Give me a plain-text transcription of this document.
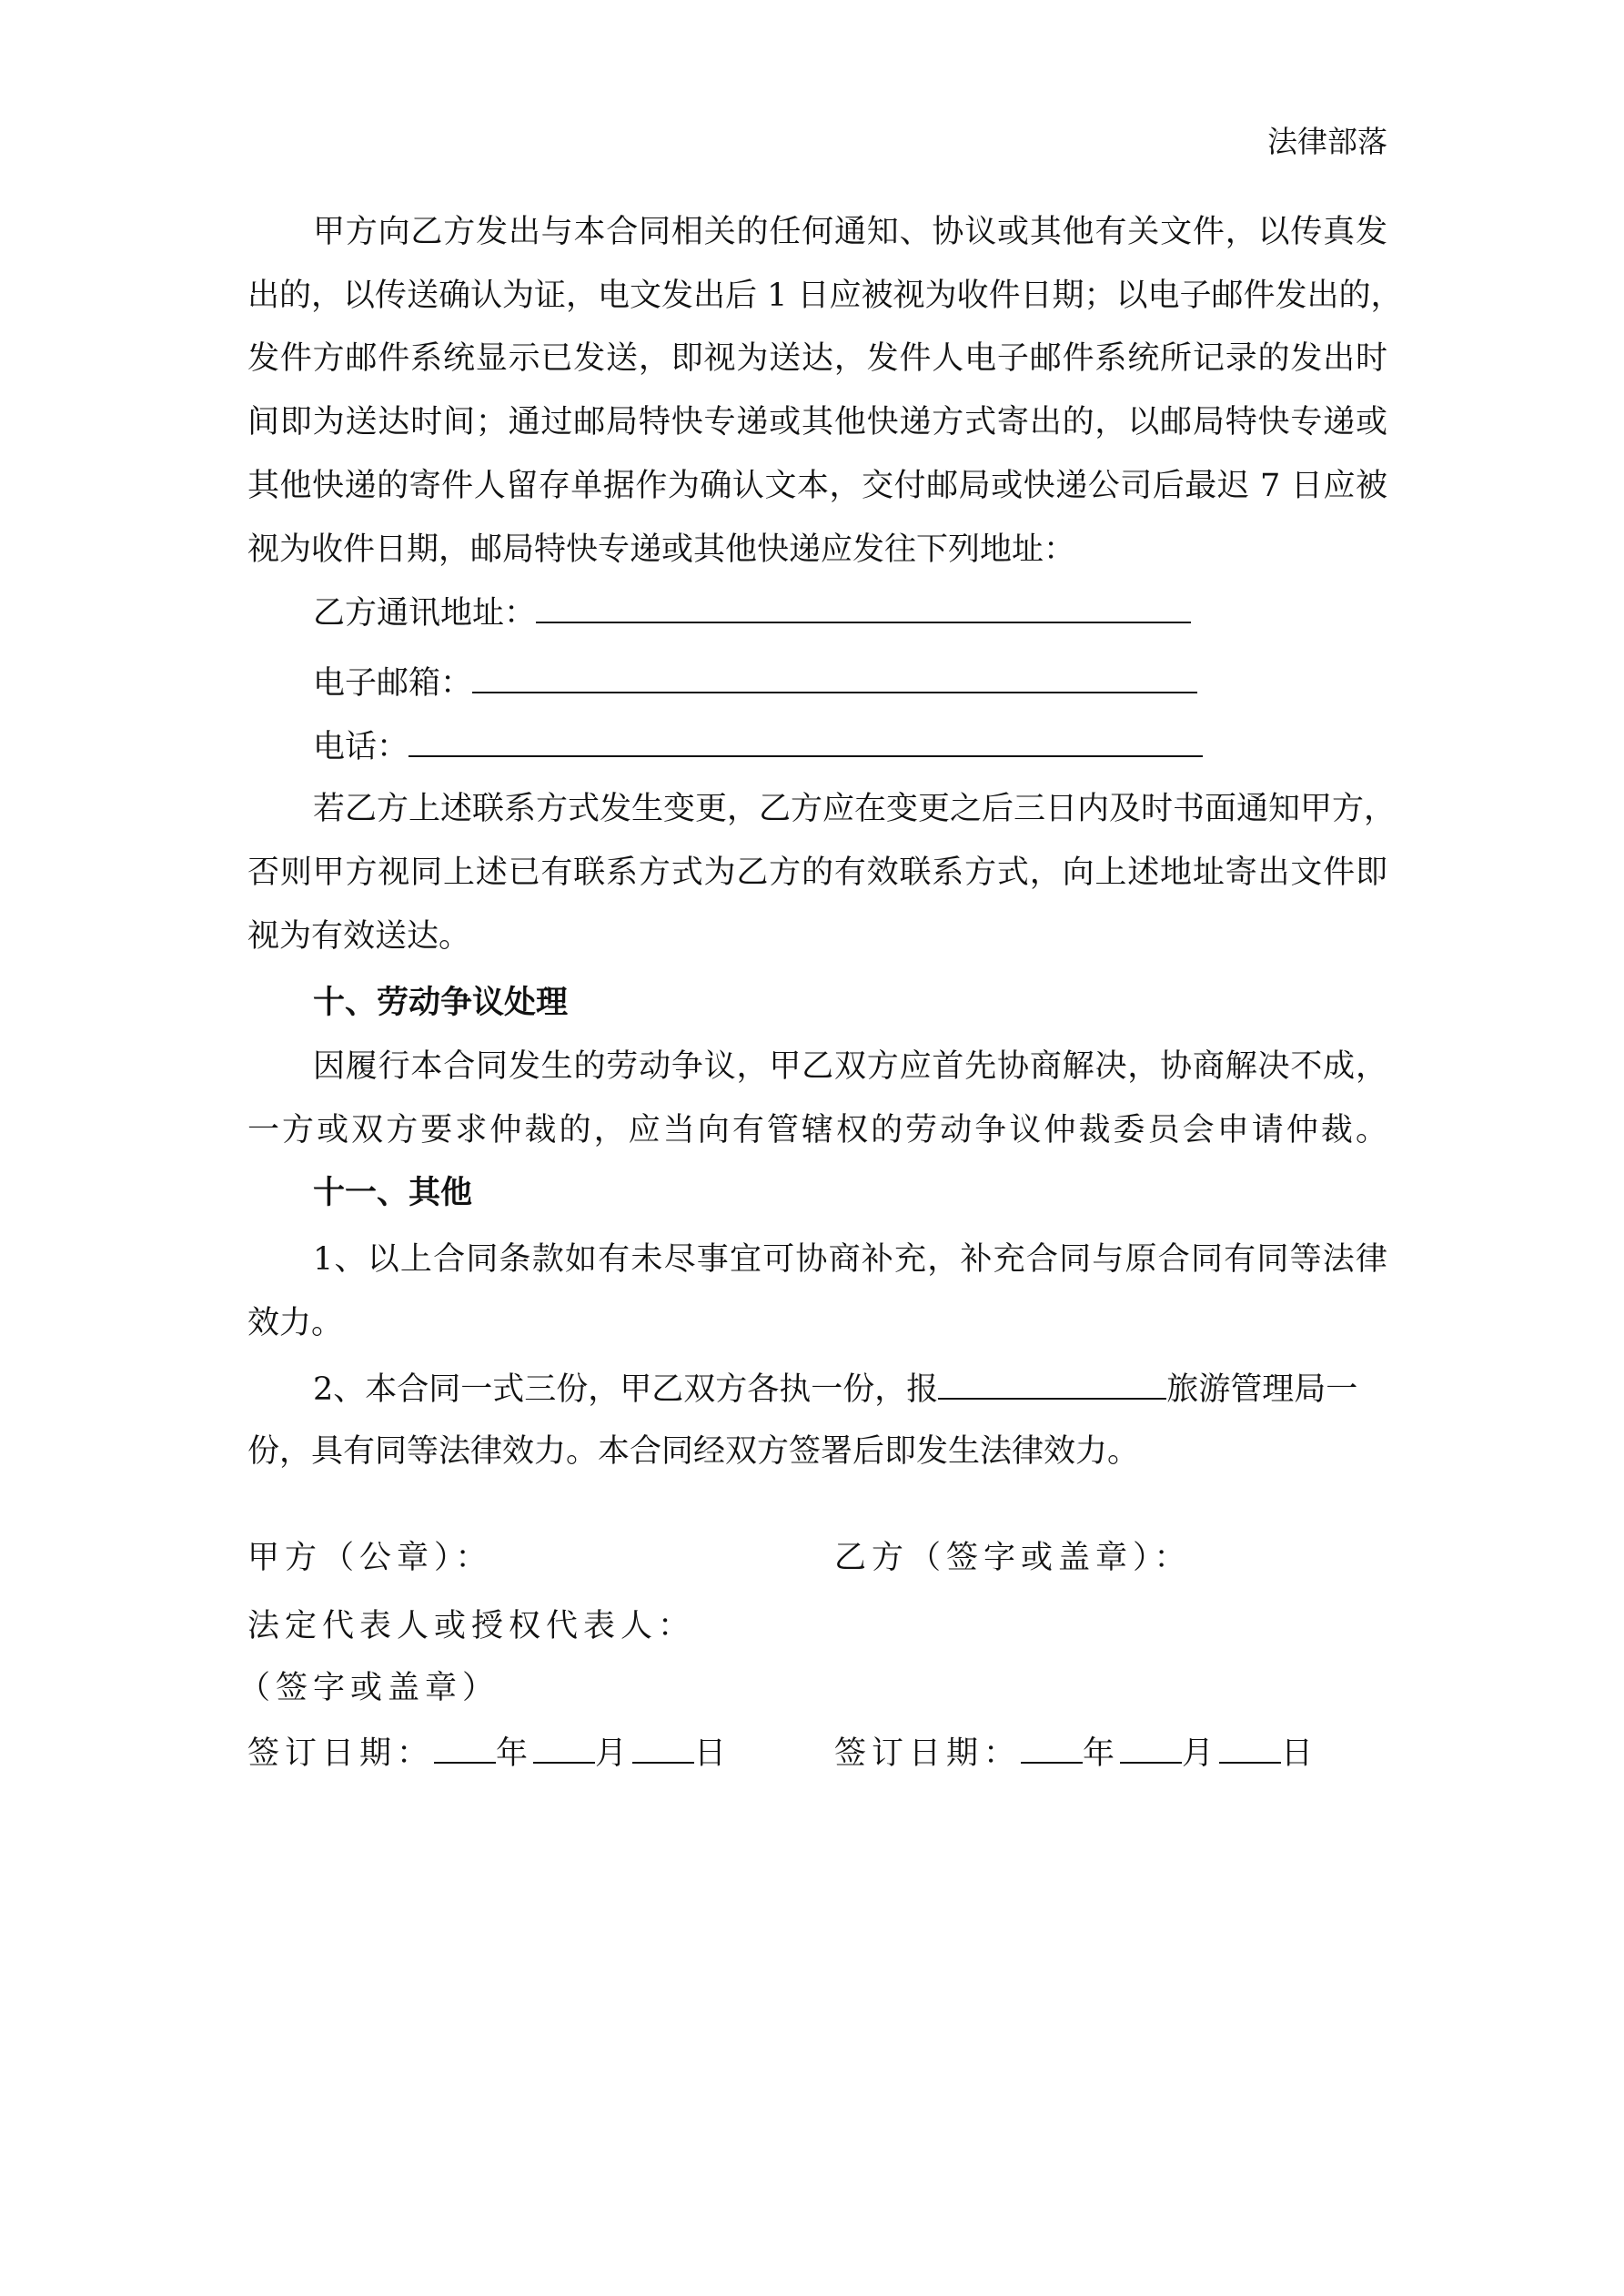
法律部落
甲方向乙方发出与本合同相关的任何通知、协议或其他有关文件，以传真发
出的，以传送确认为证，电文发出后 1 日应被视为收件日期；以电子邮件发出的，
发件方邮件系统显示已发送，即视为送达，发件人电子邮件系统所记录的发出时
间即为送达时间；通过邮局特快专递或其他快递方式寄出的，以邮局特快专递或
其他快递的寄件人留存单据作为确认文本，交付邮局或快递公司后最迟 7 日应被
视为收件日期，邮局特快专递或其他快递应发往下列地址：
乙方通讯地址：
电子邮箱：
电话：
若乙方上述联系方式发生变更，乙方应在变更之后三日内及时书面通知甲方，
否则甲方视同上述已有联系方式为乙方的有效联系方式，向上述地址寄出文件即
视为有效送达。
十、劳动争议处理
因履行本合同发生的劳动争议，甲乙双方应首先协商解决，协商解决不成，
一方或双方要求仲裁的，应当向有管辖权的劳动争议仲裁委员会申请仲裁。
十一、其他
1、以上合同条款如有未尽事宜可协商补充，补充合同与原合同有同等法律
效力。
2、本合同一式三份，甲乙双方各执一份，报	旅游管理局一
份，具有同等法律效力。本合同经双方签署后即发生法律效力。
甲方（公章）：	乙方（签字或盖章）：
法定代表人或授权代表人：
（签字或盖章）
签订日期： 年 月 日	签订日期： 年 月 日
